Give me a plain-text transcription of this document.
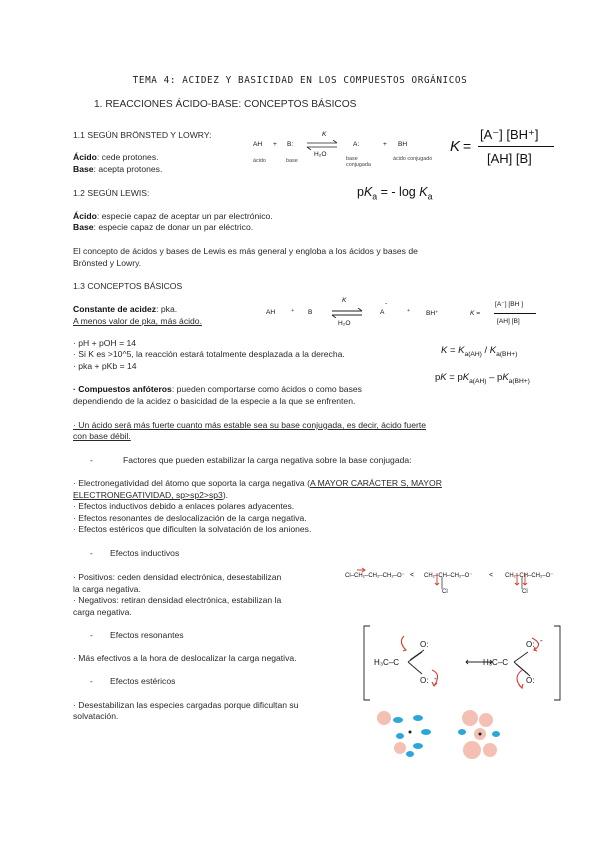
TEMA 4: ACIDEZ Y BASICIDAD EN LOS COMPUESTOS ORGÁNICOS
1. REACCIONES ÁCIDO-BASE: CONCEPTOS BÁSICOS
1.1 SEGÚN BRÖNSTED Y LOWRY:
Ácido: cede protones.
Base: acepta protones.
AH + B:
K
H₂O
A:	+ BH
ácido	base	base conjugada
ácido conjugado
K =
[A⁻] [BH⁺]
[AH] [B]
$pK_a$ = - $\log K_a$
1.2 SEGÚN LEWIS:
Ácido: especie capaz de aceptar un par electrónico.
Base: especie capaz de donar un par eléctrico.
El concepto de ácidos y bases de Lewis es más general y engloba a los ácidos y bases de
Brönsted y Lowry.
1.3 CONCEPTOS BÁSICOS
Constante de acidez: pka.
A menos valor de pka, más ácido.
AH	+ B
K
H₂O
A
-
+ BH⁺	K =
[A⁻] [BH ]
[AH] [B]
· pH + pOH = 14
· Si K es >10^5, la reacción estará totalmente desplazada a la derecha.
· pka + pKb = 14
$K = K_{a(AH)} / K_{a(BH+)}$
pK = $pK_{a(AH)} - pK_{a(BH+)}$
· Compuestos anfóteros: pueden comportarse como ácidos o como bases
dependiendo de la acidez o basicidad de la especie a la que se enfrenten.
· Un ácido será más fuerte cuanto más estable sea su base conjugada, es decir, ácido fuerte
con base débil.
-	Factores que pueden estabilizar la carga negativa sobre la base conjugada:
· Electronegatividad del átomo que soporta la carga negativa (A MAYOR CARÁCTER S, MAYOR
ELECTRONEGATIVIDAD, sp>sp2>sp3).
· Efectos inductivos debido a enlaces polares adyacentes.
· Efectos resonantes de deslocalización de la carga negativa.
· Efectos estéricos que dificulten la solvatación de los aniones.
- Efectos inductivos
· Positivos: ceden densidad electrónica, desestabilizan
la carga negativa.
· Negativos: retiran densidad electrónica, estabilizan la
carga negativa.
Cl–CH₂–CH₂–CH₂–O⁻ < CH₂–CH–CH₂–O⁻ < CH₂–CH–CH₂–O⁻
Cl	Cl
- Efectos resonantes
· Más efectivos a la hora de deslocalizar la carga negativa.	H₃C–C	H₃C–C
O:
O: -
O: -
O:
- Efectos estéricos
· Desestabilizan las especies cargadas porque dificultan su
solvatación.
